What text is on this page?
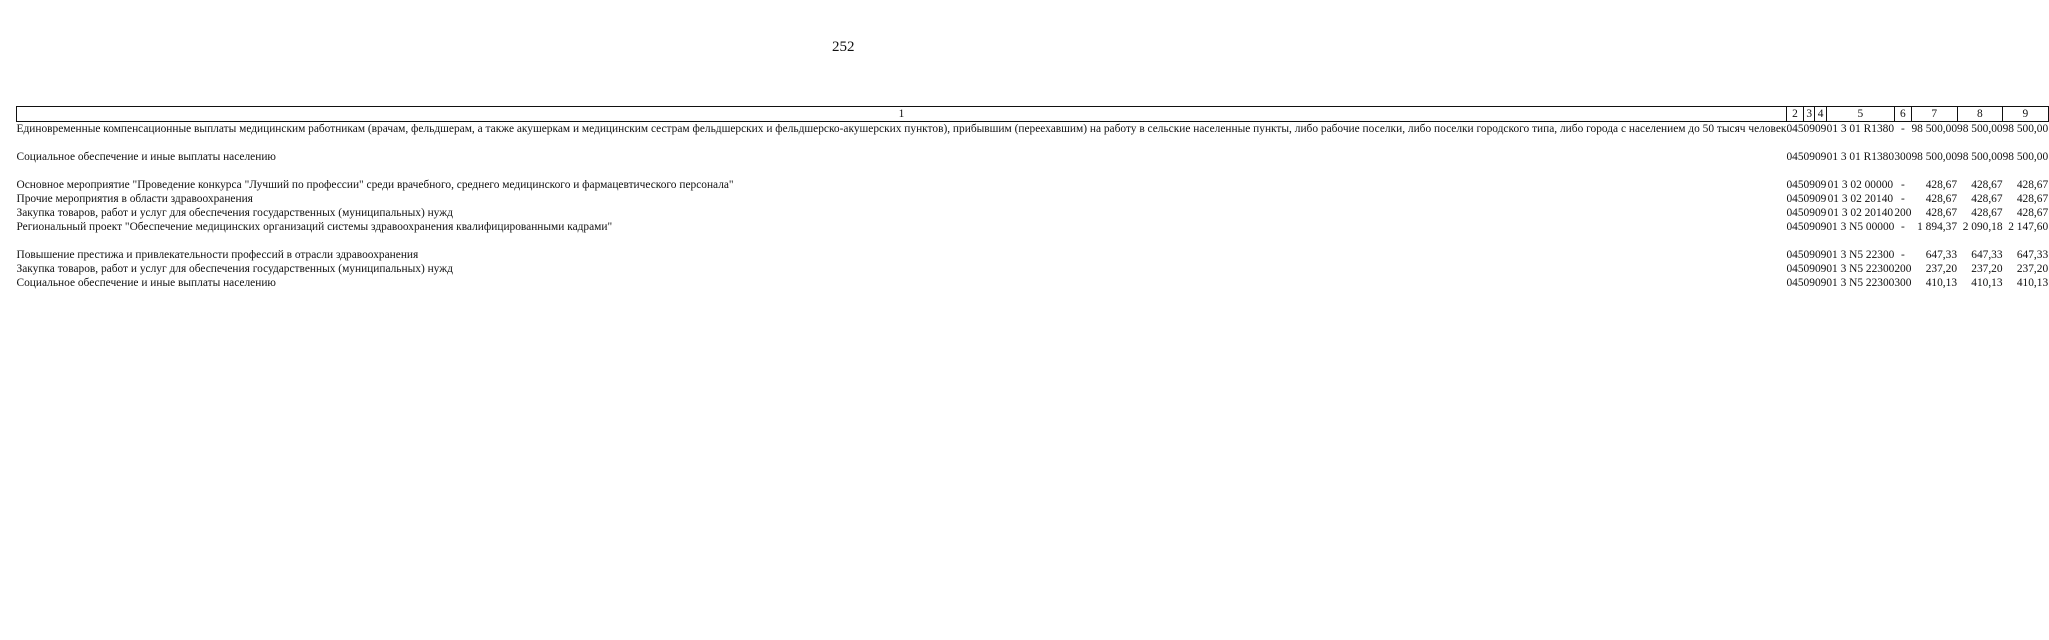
252
1	2	3	4	5	6	7	8	9
Единовременные компенсационные выплаты медицинским работникам (врачам, фельдшерам, а также акушеркам и медицинским сестрам фельдшерских и фельдшерско-акушерских пунктов), прибывшим (переехавшим) на работу в сельские населенные пункты, либо рабочие поселки, либо поселки городского типа, либо города с населением до 50 тысяч человек	045	09	09	01 3 01 R1380	-	98 500,00	98 500,00	98 500,00

Социальное обеспечение и иные выплаты населению	045	09	09	01 3 01 R1380	300	98 500,00	98 500,00	98 500,00

Основное мероприятие "Проведение конкурса "Лучший по профессии" среди врачебного, среднего медицинского и фармацевтического персонала"	045	09	09	01 3 02 00000	-	428,67	428,67	428,67
Прочие мероприятия в области здравоохранения	045	09	09	01 3 02 20140	-	428,67	428,67	428,67
Закупка товаров, работ и услуг для обеспечения государственных (муниципальных) нужд	045	09	09	01 3 02 20140	200	428,67	428,67	428,67
Региональный проект "Обеспечение медицинских организаций системы здравоохранения квалифицированными кадрами"	045	09	09	01 3 N5 00000	-	1 894,37	2 090,18	2 147,60

Повышение престижа и привлекательности профессий в отрасли здравоохранения	045	09	09	01 3 N5 22300	-	647,33	647,33	647,33
Закупка товаров, работ и услуг для обеспечения государственных (муниципальных) нужд	045	09	09	01 3 N5 22300	200	237,20	237,20	237,20
Социальное обеспечение и иные выплаты населению	045	09	09	01 3 N5 22300	300	410,13	410,13	410,13
